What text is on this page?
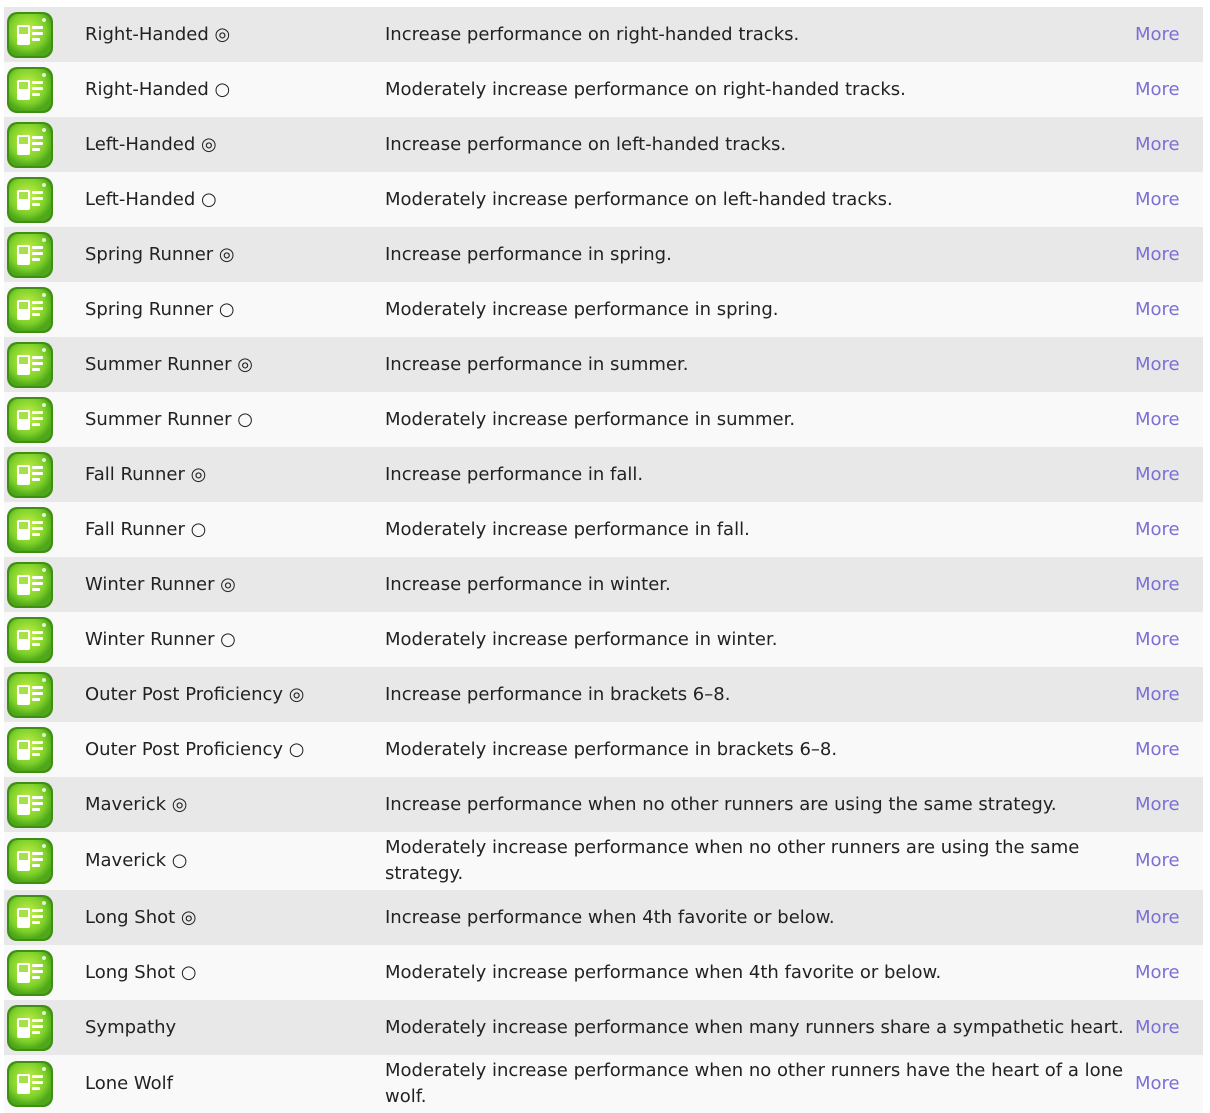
		Right-Handed ◎	Increase performance on right-handed tracks.	More

		Right-Handed ○	Moderately increase performance on right-handed tracks.	More

		Left-Handed ◎	Increase performance on left-handed tracks.	More

		Left-Handed ○	Moderately increase performance on left-handed tracks.	More

		Spring Runner ◎	Increase performance in spring.	More

		Spring Runner ○	Moderately increase performance in spring.	More

		Summer Runner ◎	Increase performance in summer.	More

		Summer Runner ○	Moderately increase performance in summer.	More

		Fall Runner ◎	Increase performance in fall.	More

		Fall Runner ○	Moderately increase performance in fall.	More

		Winter Runner ◎	Increase performance in winter.	More

		Winter Runner ○	Moderately increase performance in winter.	More

		Outer Post Proficiency ◎	Increase performance in brackets 6–8.	More

		Outer Post Proficiency ○	Moderately increase performance in brackets 6–8.	More

		Maverick ◎	Increase performance when no other runners are using the same strategy.	More

		Maverick ○	Moderately increase performance when no other runners are using the same strategy.	More

		Long Shot ◎	Increase performance when 4th favorite or below.	More

		Long Shot ○	Moderately increase performance when 4th favorite or below.	More

		Sympathy	Moderately increase performance when many runners share a sympathetic heart.	More

		Lone Wolf	Moderately increase performance when no other runners have the heart of a lone wolf.	More
